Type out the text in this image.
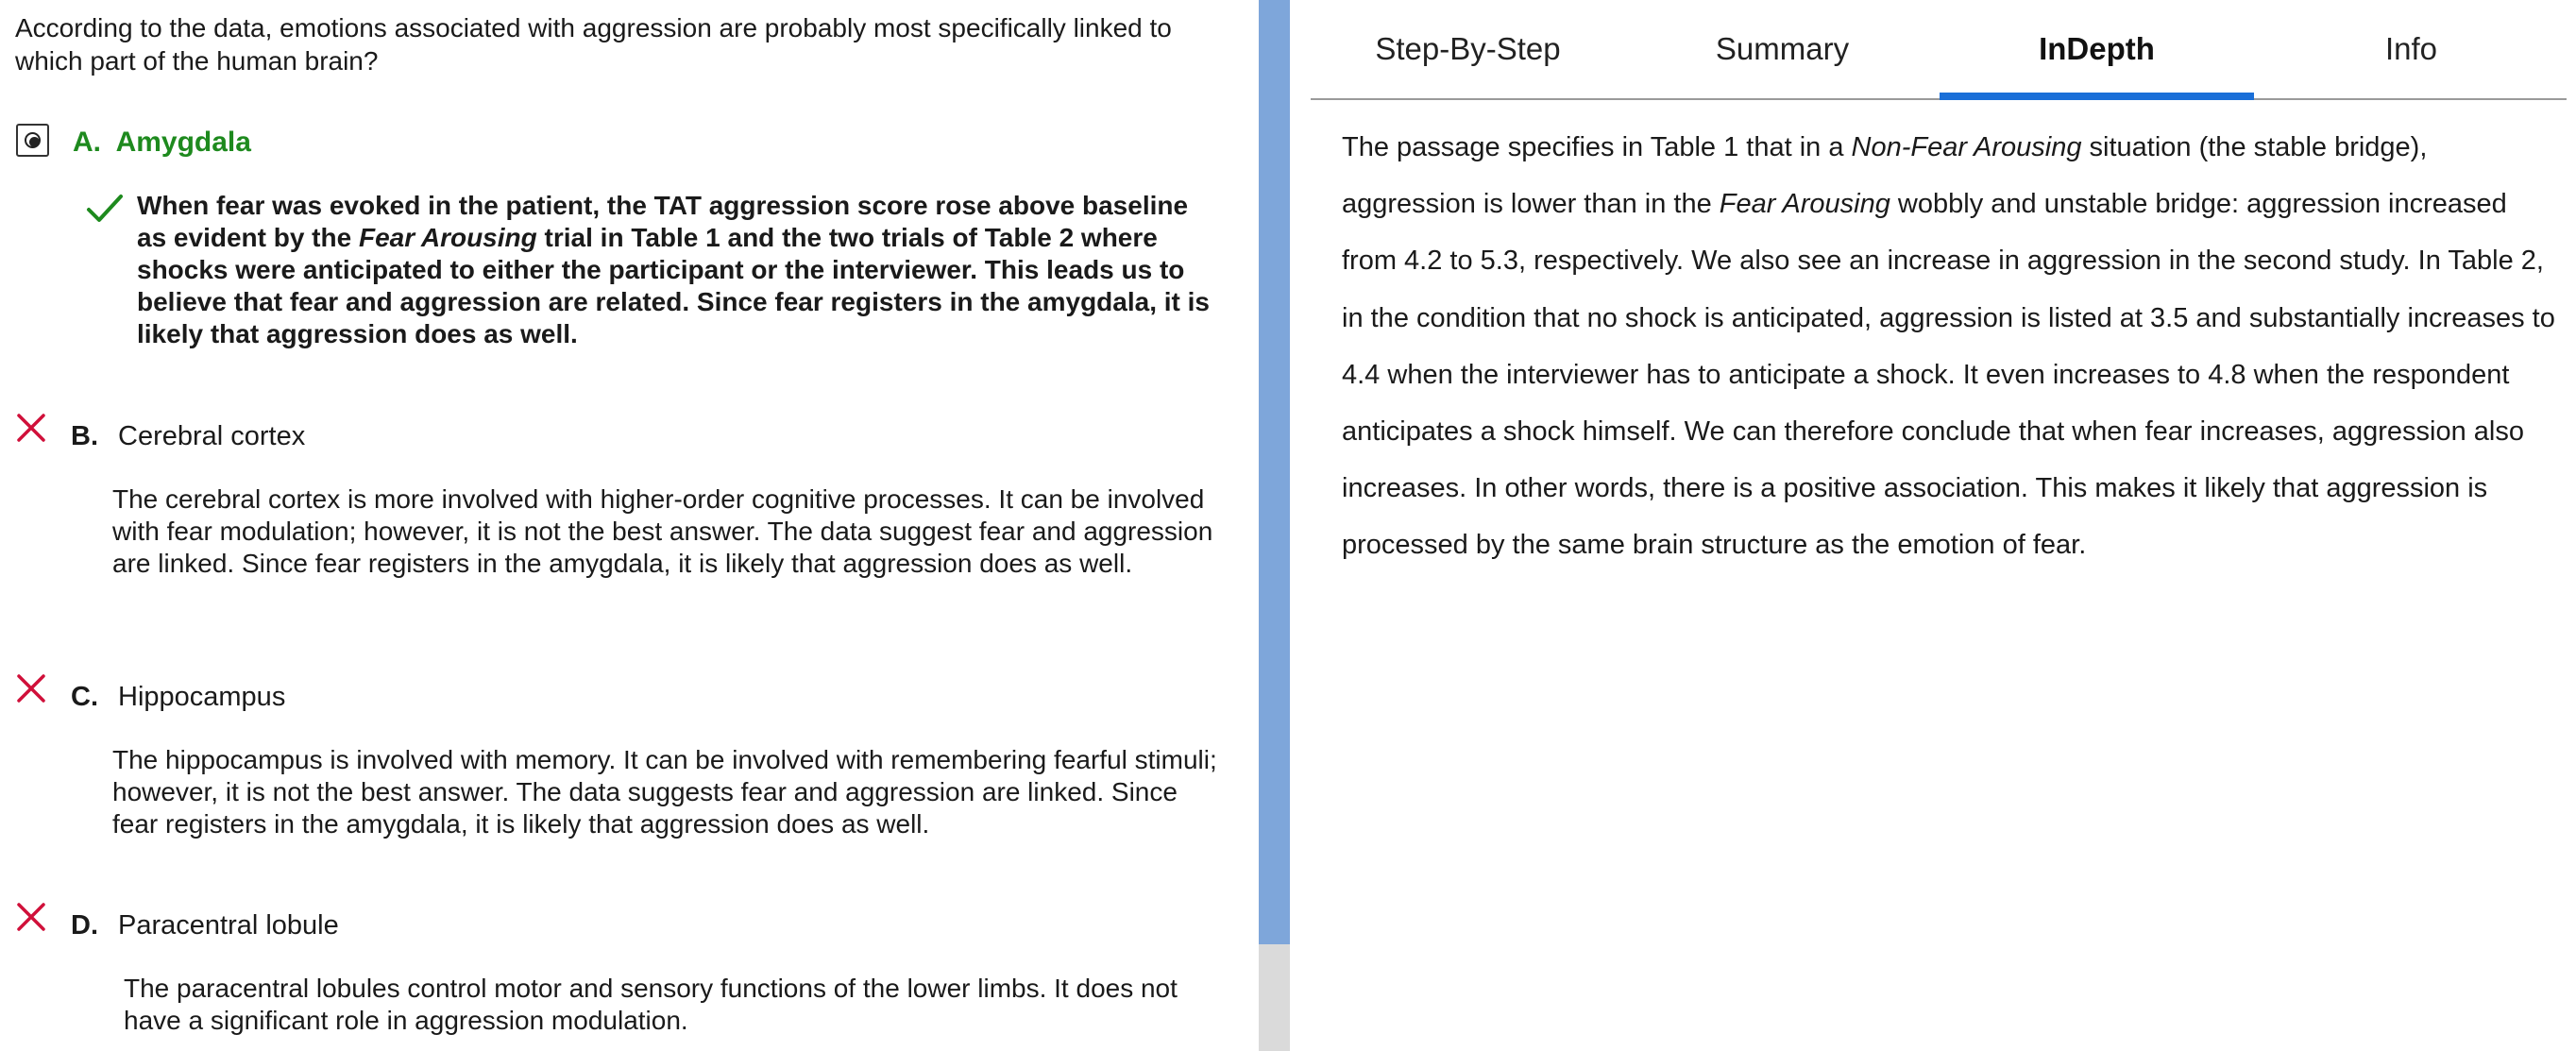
According to the data, emotions associated with aggression are probably most specifically linked to which part of the human brain?

A. Amygdala

When fear was evoked in the patient, the TAT aggression score rose above baseline as evident by the Fear Arousing trial in Table 1 and the two trials of Table 2 where shocks were anticipated to either the participant or the interviewer. This leads us to believe that fear and aggression are related. Since fear registers in the amygdala, it is likely that aggression does as well.

B. Cerebral cortex

The cerebral cortex is more involved with higher-order cognitive processes. It can be involved with fear modulation; however, it is not the best answer. The data suggest fear and aggression are linked. Since fear registers in the amygdala, it is likely that aggression does as well.

C. Hippocampus

The hippocampus is involved with memory. It can be involved with remembering fearful stimuli; however, it is not the best answer. The data suggests fear and aggression are linked. Since fear registers in the amygdala, it is likely that aggression does as well.

D. Paracentral lobule

The paracentral lobules control motor and sensory functions of the lower limbs. It does not have a significant role in aggression modulation.

Step-By-Step	Summary	InDepth	Info

The passage specifies in Table 1 that in a Non-Fear Arousing situation (the stable bridge), aggression is lower than in the Fear Arousing wobbly and unstable bridge: aggression increased from 4.2 to 5.3, respectively. We also see an increase in aggression in the second study. In Table 2, in the condition that no shock is anticipated, aggression is listed at 3.5 and substantially increases to 4.4 when the interviewer has to anticipate a shock. It even increases to 4.8 when the respondent anticipates a shock himself. We can therefore conclude that when fear increases, aggression also increases. In other words, there is a positive association. This makes it likely that aggression is processed by the same brain structure as the emotion of fear.
